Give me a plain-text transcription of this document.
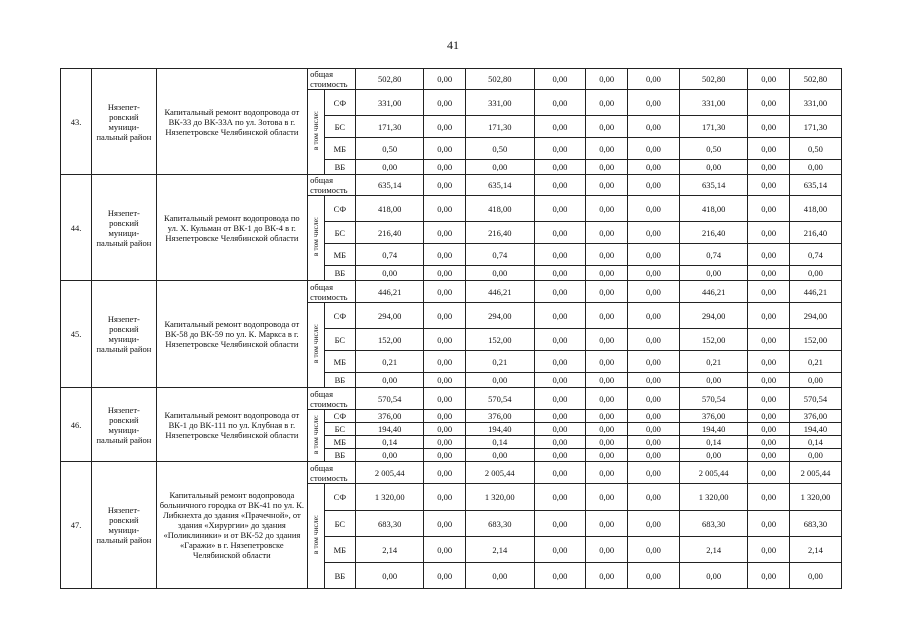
41
43.	Нязепет-ровский муници-пальный район	Капитальный ремонт водопровода от ВК-33 до ВК-33А по ул. Зотова в г. Нязепетровске Челябинской области	общая стоимость		502,80	0,00	502,80	0,00	0,00	0,00	502,80	0,00	502,80
			в том числе:	СФ	331,00	0,00	331,00	0,00	0,00	0,00	331,00	0,00	331,00
				БС	171,30	0,00	171,30	0,00	0,00	0,00	171,30	0,00	171,30
				МБ	0,50	0,00	0,50	0,00	0,00	0,00	0,50	0,00	0,50
				ВБ	0,00	0,00	0,00	0,00	0,00	0,00	0,00	0,00	0,00
44.	Нязепет-ровский муници-пальный район	Капитальный ремонт водопровода по ул. Х. Кульман от ВК-1 до ВК-4 в г. Нязепетровске Челябинской области	общая стоимость		635,14	0,00	635,14	0,00	0,00	0,00	635,14	0,00	635,14
			в том числе:	СФ	418,00	0,00	418,00	0,00	0,00	0,00	418,00	0,00	418,00
				БС	216,40	0,00	216,40	0,00	0,00	0,00	216,40	0,00	216,40
				МБ	0,74	0,00	0,74	0,00	0,00	0,00	0,74	0,00	0,74
				ВБ	0,00	0,00	0,00	0,00	0,00	0,00	0,00	0,00	0,00
45.	Нязепет-ровский муници-пальный район	Капитальный ремонт водопровода от ВК-58 до ВК-59 по ул. К. Маркса в г. Нязепетровске Челябинской области	общая стоимость		446,21	0,00	446,21	0,00	0,00	0,00	446,21	0,00	446,21
			в том числе:	СФ	294,00	0,00	294,00	0,00	0,00	0,00	294,00	0,00	294,00
				БС	152,00	0,00	152,00	0,00	0,00	0,00	152,00	0,00	152,00
				МБ	0,21	0,00	0,21	0,00	0,00	0,00	0,21	0,00	0,21
				ВБ	0,00	0,00	0,00	0,00	0,00	0,00	0,00	0,00	0,00
46.	Нязепет-ровский муници-пальный район	Капитальный ремонт водопровода от ВК-1 до ВК-111 по ул. Клубная в г. Нязепетровске Челябинской области	общая стоимость		570,54	0,00	570,54	0,00	0,00	0,00	570,54	0,00	570,54
			в том числе:	СФ	376,00	0,00	376,00	0,00	0,00	0,00	376,00	0,00	376,00
				БС	194,40	0,00	194,40	0,00	0,00	0,00	194,40	0,00	194,40
				МБ	0,14	0,00	0,14	0,00	0,00	0,00	0,14	0,00	0,14
				ВБ	0,00	0,00	0,00	0,00	0,00	0,00	0,00	0,00	0,00
47.	Нязепет-ровский муници-пальный район	Капитальный ремонт водопровода больничного городка от ВК-41 по ул. К. Либкнехта до здания «Прачечной», от здания «Хирургии» до здания «Поликлиники» и от ВК-52 до здания «Гаражи» в г. Нязепетровске Челябинской области	общая стоимость		2 005,44	0,00	2 005,44	0,00	0,00	0,00	2 005,44	0,00	2 005,44
			в том числе:	СФ	1 320,00	0,00	1 320,00	0,00	0,00	0,00	1 320,00	0,00	1 320,00
				БС	683,30	0,00	683,30	0,00	0,00	0,00	683,30	0,00	683,30
				МБ	2,14	0,00	2,14	0,00	0,00	0,00	2,14	0,00	2,14
				ВБ	0,00	0,00	0,00	0,00	0,00	0,00	0,00	0,00	0,00
